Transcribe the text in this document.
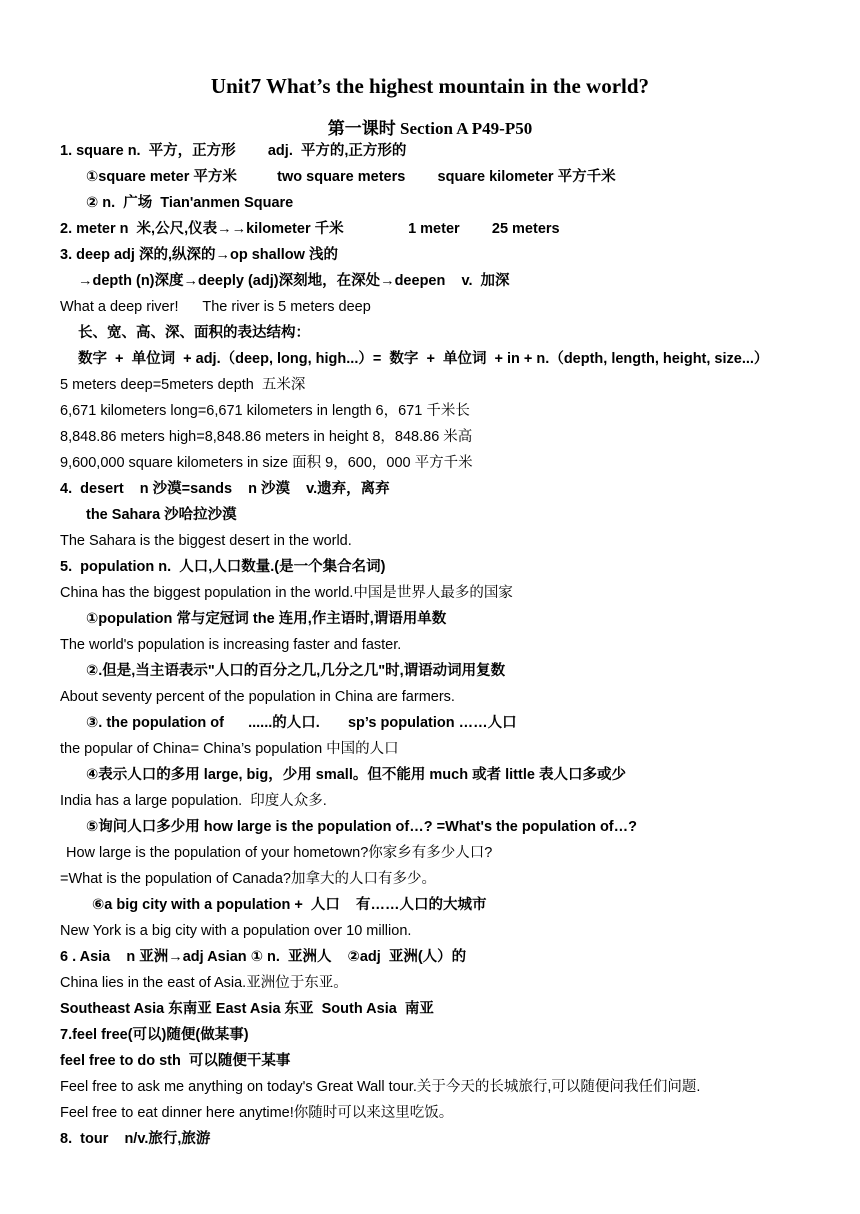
Unit7 What’s the highest mountain in the world?
第一课时 Section A P49-P50
1. square n.  平方，正方形        adj.  平方的,正方形的
①square meter 平方米          two square meters        square kilometer 平方千米
② n.  广场  Tian'anmen Square
2. meter n  米,公尺,仪表→→kilometer 千米                1 meter        25 meters
3. deep adj 深的,纵深的→op shallow 浅的
→depth (n)深度→deeply (adj)深刻地，在深处→deepen    v.  加深
What a deep river!      The river is 5 meters deep
长、宽、高、深、面积的表达结构：
数字  +  单位词  + adj.（deep, long, high...）=  数字  +  单位词  + in + n.（depth, length, height, size...）
5 meters deep=5meters depth  五米深
6,671 kilometers long=6,671 kilometers in length 6，671 千米长
8,848.86 meters high=8,848.86 meters in height 8，848.86 米高
9,600,000 square kilometers in size 面积 9，600，000 平方千米
4.  desert    n 沙漠=sands    n 沙漠    v.遗弃，离弃
the Sahara 沙哈拉沙漠
The Sahara is the biggest desert in the world.
5.  population n.  人口,人口数量.(是一个集合名词)
China has the biggest population in the world.中国是世界人最多的国家
①population 常与定冠词 the 连用,作主语时,谓语用单数
The world's population is increasing faster and faster.
②.但是,当主语表示"人口的百分之几,几分之几"时,谓语动词用复数
About seventy percent of the population in China are farmers.
③. the population of      ......的人口.       sp’s population ……人口
the popular of China= China’s population 中国的人口
④表示人口的多用 large, big，少用 small。但不能用 much 或者 little 表人口多或少
India has a large population.  印度人众多.
⑤询问人口多少用 how large is the population of…? =What's the population of…?
How large is the population of your hometown?你家乡有多少人口?
=What is the population of Canada?加拿大的人口有多少。
⑥a big city with a population +  人口    有……人口的大城市
New York is a big city with a population over 10 million.
6 . Asia    n 亚洲→adj Asian ① n.  亚洲人    ②adj  亚洲(人）的
China lies in the east of Asia.亚洲位于东亚。
Southeast Asia 东南亚 East Asia 东亚  South Asia  南亚
7.feel free(可以)随便(做某事)
feel free to do sth  可以随便干某事
Feel free to ask me anything on today's Great Wall tour.关于今天的长城旅行,可以随便问我任们问题.
Feel free to eat dinner here anytime!你随时可以来这里吃饭。
8.  tour    n/v.旅行,旅游
